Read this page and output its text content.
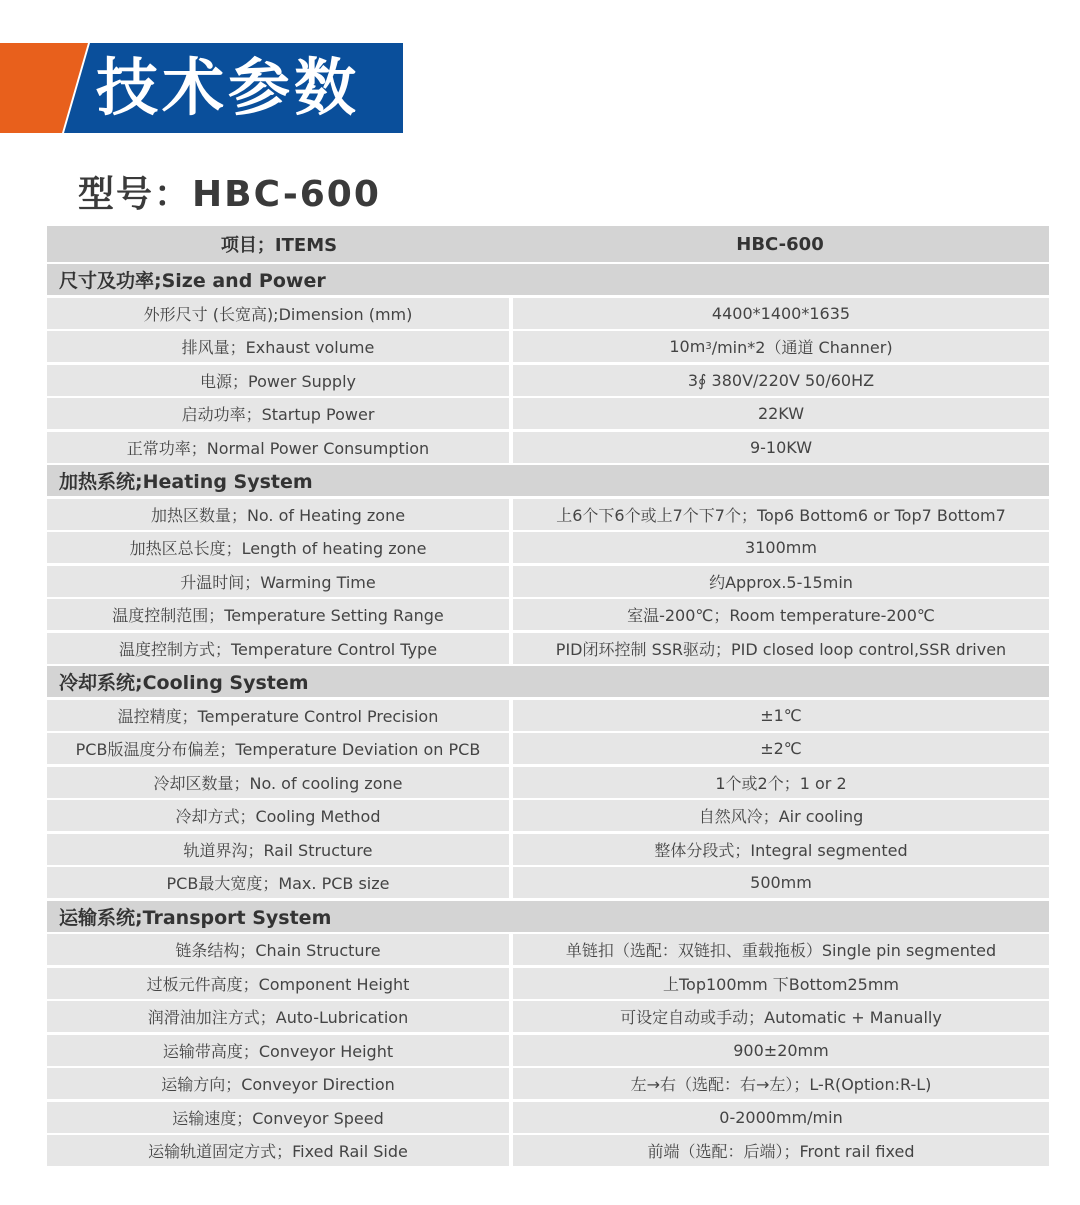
技术参数
型号：HBC-600
项目；ITEMS	HBC-600
尺寸及功率;Size and Power
外形尺寸 (长宽高);Dimension (mm)	4400*1400*1635
排风量；Exhaust volume	10m 3 /min*2（通道 Channer)
电源；Power Supply	3∮ 380V/220V 50/60HZ
启动功率；Startup Power	22KW
正常功率；Normal Power Consumption	9-10KW
加热系统;Heating System
加热区数量；No. of Heating zone	上6个下6个或上7个下7个；Top6 Bottom6 or Top7 Bottom7
加热区总长度；Length of heating zone	3100mm
升温时间；Warming Time	约Approx.5-15min
温度控制范围；Temperature Setting Range	室温-200℃；Room temperature-200℃
温度控制方式；Temperature Control Type	PID闭环控制 SSR驱动；PID closed loop control,SSR driven
冷却系统;Cooling System
温控精度；Temperature Control Precision	±1℃
PCB版温度分布偏差；Temperature Deviation on PCB	±2℃
冷却区数量；No. of cooling zone	1个或2个；1 or 2
冷却方式；Cooling Method	自然风冷；Air cooling
轨道界沟；Rail Structure	整体分段式；Integral segmented
PCB最大宽度；Max. PCB size	500mm
运输系统;Transport System
链条结构；Chain Structure	单链扣（选配：双链扣、重载拖板）Single pin segmented
过板元件高度；Component Height	上Top100mm 下Bottom25mm
润滑油加注方式；Auto-Lubrication	可设定自动或手动；Automatic + Manually
运输带高度；Conveyor Height	900±20mm
运输方向；Conveyor Direction	左→右（选配：右→左）；L-R(Option:R-L)
运输速度；Conveyor Speed	0-2000mm/min
运输轨道固定方式；Fixed Rail Side	前端（选配：后端）；Front rail fixed
